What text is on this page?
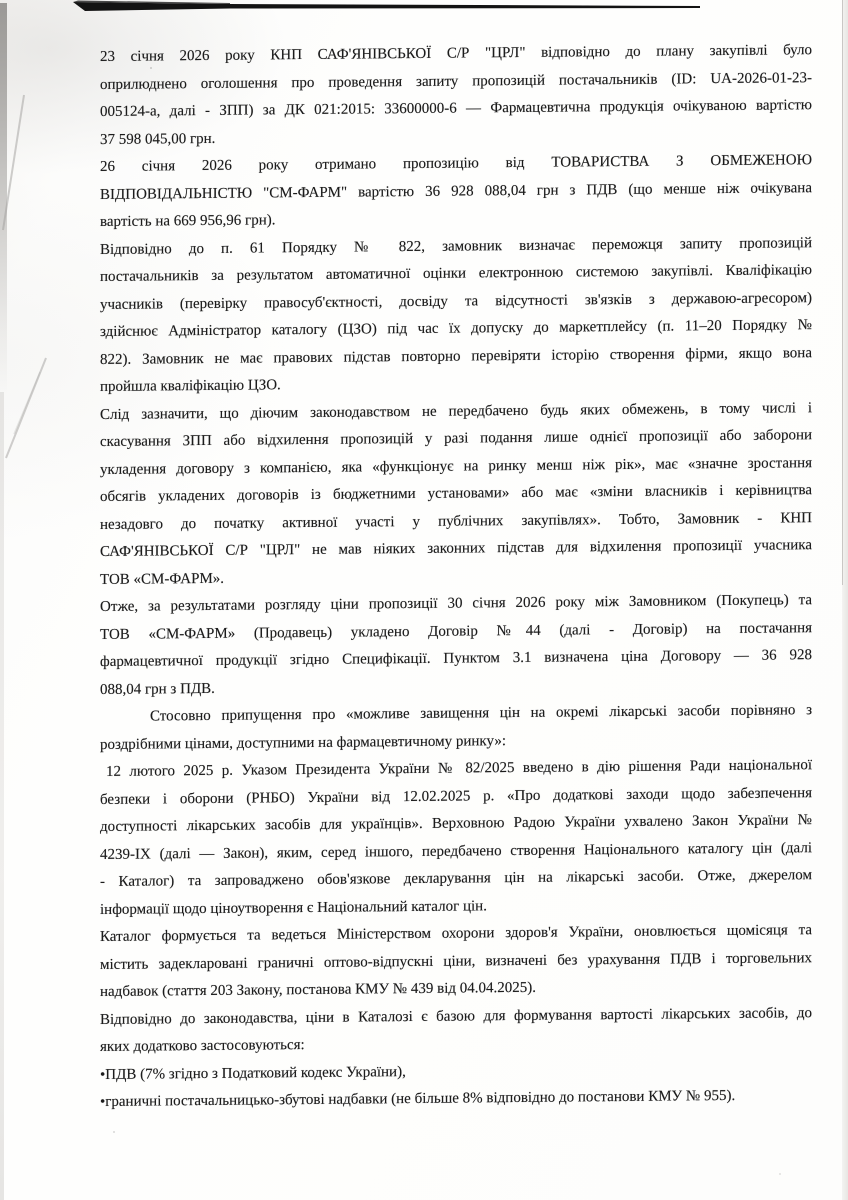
23 січня 2026 року КНП САФ'ЯНІВСЬКОЇ С/Р "ЦРЛ" відповідно до плану закупівлі було
оприлюднено оголошення про проведення запиту пропозицій постачальників (ID: UA-2026-01-23-
005124-a, далі - ЗПП) за ДК 021:2015: 33600000-6 — Фармацевтична продукція очікуваною вартістю
37 598 045,00 грн.
26 січня 2026 року отримано пропозицію від ТОВАРИСТВА З ОБМЕЖЕНОЮ
ВІДПОВІДАЛЬНІСТЮ "СМ-ФАРМ" вартістю 36 928 088,04 грн з ПДВ (що менше ніж очікувана
вартість на 669 956,96 грн).
Відповідно до п. 61 Порядку № 822, замовник визначає переможця запиту пропозицій
постачальників за результатом автоматичної оцінки електронною системою закупівлі. Кваліфікацію
учасників (перевірку правосуб'єктності, досвіду та відсутності зв'язків з державою-агресором)
здійснює Адміністратор каталогу (ЦЗО) під час їх допуску до маркетплейсу (п. 11–20 Порядку №
822). Замовник не має правових підстав повторно перевіряти історію створення фірми, якщо вона
пройшла кваліфікацію ЦЗО.
Слід зазначити, що діючим законодавством не передбачено будь яких обмежень, в тому числі і
скасування ЗПП або відхилення пропозицій у разі подання лише однієї пропозиції або заборони
укладення договору з компанією, яка «функціонує на ринку менш ніж рік», має «значне зростання
обсягів укладених договорів із бюджетними установами» або має «зміни власників і керівництва
незадовго до початку активної участі у публічних закупівлях». Тобто, Замовник - КНП
САФ'ЯНІВСЬКОЇ С/Р "ЦРЛ" не мав ніяких законних підстав для відхилення пропозиції учасника
ТОВ «СМ-ФАРМ».
Отже, за результатами розгляду ціни пропозиції 30 січня 2026 року між Замовником (Покупець) та
ТОВ «СМ-ФАРМ» (Продавець) укладено Договір №44 (далі - Договір) на постачання
фармацевтичної продукції згідно Специфікації. Пунктом 3.1 визначена ціна Договору — 36 928
088,04 грн з ПДВ.
Стосовно припущення про «можливе завищення цін на окремі лікарські засоби порівняно з
роздрібними цінами, доступними на фармацевтичному ринку»:
12 лютого 2025 р. Указом Президента України № 82/2025 введено в дію рішення Ради національної
безпеки і оборони (РНБО) України від 12.02.2025 р. «Про додаткові заходи щодо забезпечення
доступності лікарських засобів для українців». Верховною Радою України ухвалено Закон України №
4239-IX (далі — Закон), яким, серед іншого, передбачено створення Національного каталогу цін (далі
- Каталог) та запроваджено обов'язкове декларування цін на лікарські засоби. Отже, джерелом
інформації щодо ціноутворення є Національний каталог цін.
Каталог формується та ведеться Міністерством охорони здоров'я України, оновлюється щомісяця та
містить задекларовані граничні оптово-відпускні ціни, визначені без урахування ПДВ і торговельних
надбавок (стаття 203 Закону, постанова КМУ № 439 від 04.04.2025).
Відповідно до законодавства, ціни в Каталозі є базою для формування вартості лікарських засобів, до
яких додатково застосовуються:
•ПДВ (7% згідно з Податковий кодекс України),
•граничні постачальницько-збутові надбавки (не більше 8% відповідно до постанови КМУ № 955).
